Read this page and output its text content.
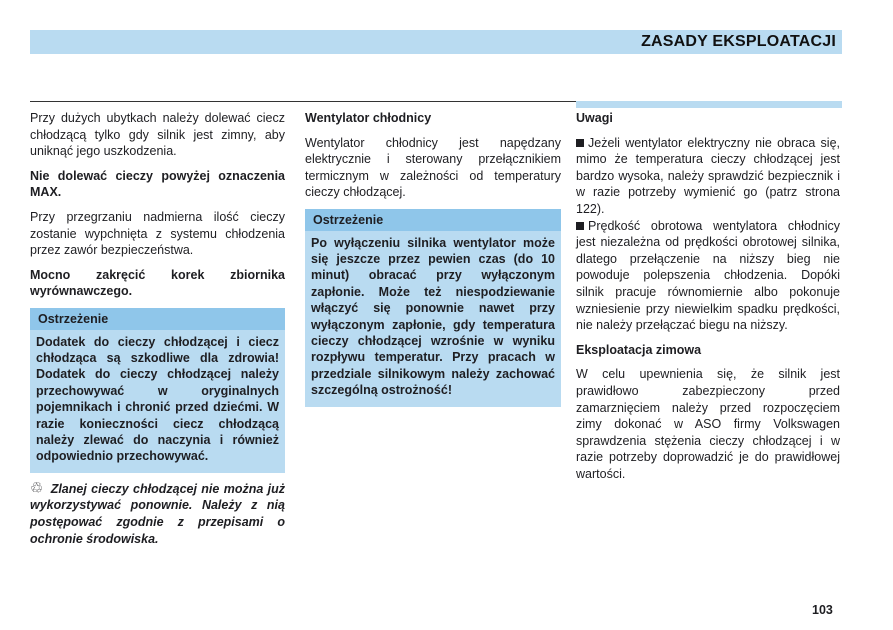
ZASADY EKSPLOATACJI

Przy dużych ubytkach należy dolewać ciecz chłodzącą tylko gdy silnik jest zimny, aby uniknąć jego uszkodzenia.

Nie dolewać cieczy powyżej oznaczenia MAX.

Przy przegrzaniu nadmierna ilość cieczy zostanie wypchnięta z systemu chłodzenia przez zawór bezpieczeństwa.

Mocno zakręcić korek zbiornika wyrównawczego.

Ostrzeżenie
Dodatek do cieczy chłodzącej i ciecz chłodząca są szkodliwe dla zdrowia! Dodatek do cieczy chłodzącej należy przechowywać w oryginalnych pojemnikach i chronić przed dziećmi. W razie konieczności ciecz chłodzącą należy zlewać do naczynia i również odpowiednio przechowywać.

♲ Zlanej cieczy chłodzącej nie można już wykorzystywać ponownie. Należy z nią postępować zgodnie z przepisami o ochronie środowiska.

Wentylator chłodnicy

Wentylator chłodnicy jest napędzany elektrycznie i sterowany przełącznikiem termicznym w zależności od temperatury cieczy chłodzącej.

Ostrzeżenie
Po wyłączeniu silnika wentylator może się jeszcze przez pewien czas (do 10 minut) obracać przy wyłączonym zapłonie. Może też niespodziewanie włączyć się ponownie nawet przy wyłączonym zapłonie, gdy temperatura cieczy chłodzącej wzrośnie w wyniku rozpływu temperatur. Przy pracach w przedziale silnikowym należy zachować szczególną ostrożność!

Uwagi

Jeżeli wentylator elektryczny nie obraca się, mimo że temperatura cieczy chłodzącej jest bardzo wysoka, należy sprawdzić bezpiecznik i w razie potrzeby wymienić go (patrz strona 122).

Prędkość obrotowa wentylatora chłodnicy jest niezależna od prędkości obrotowej silnika, dlatego przełączenie na niższy bieg nie powoduje polepszenia chłodzenia. Dopóki silnik pracuje równomiernie albo pokonuje wzniesienie przy niewielkim spadku prędkości, nie należy przełączać biegu na niższy.

Eksploatacja zimowa

W celu upewnienia się, że silnik jest prawidłowo zabezpieczony przed zamarznięciem należy przed rozpoczęciem zimy dokonać w ASO firmy Volkswagen sprawdzenia stężenia cieczy chłodzącej i w razie potrzeby doprowadzić je do prawidłowej wartości.

103
